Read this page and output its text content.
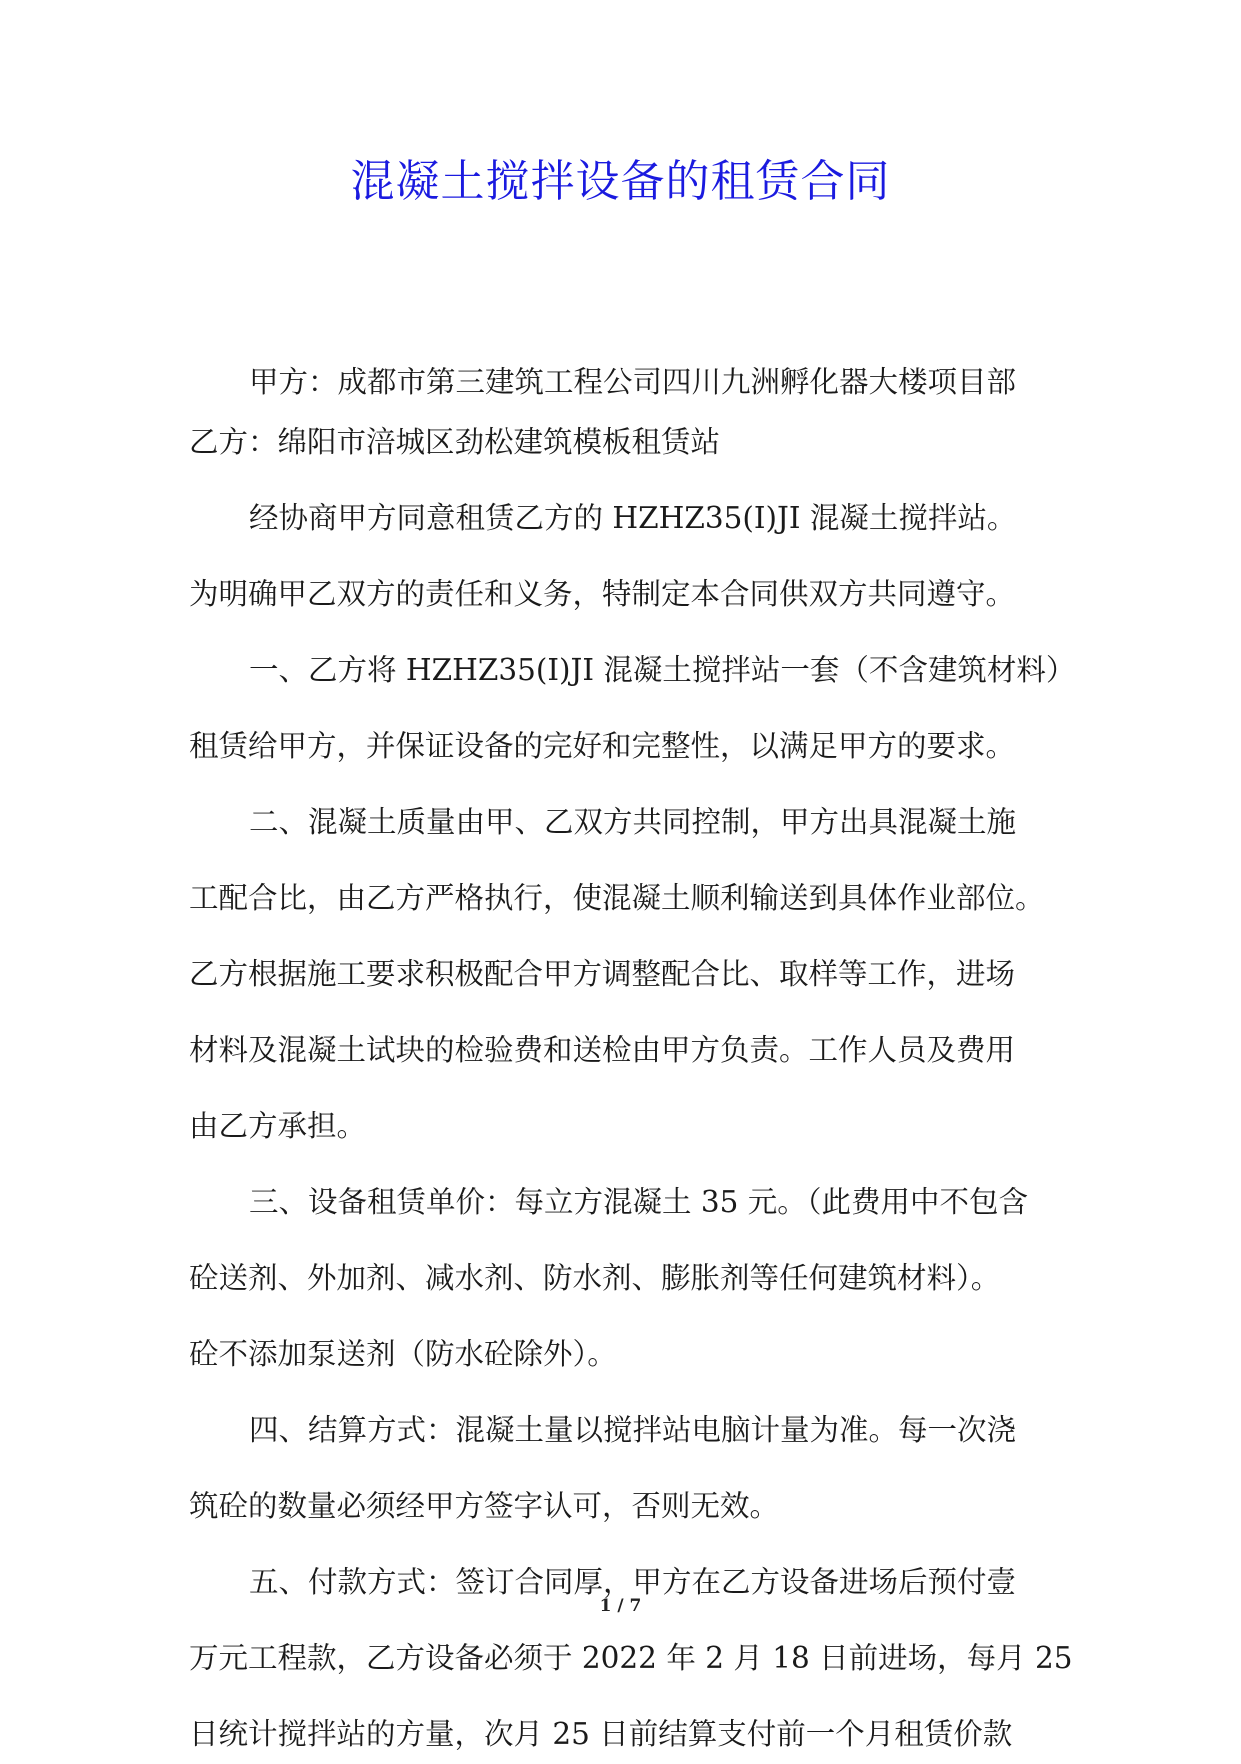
混凝土搅拌设备的租赁合同
甲方：成都市第三建筑工程公司四川九洲孵化器大楼项目部
乙方：绵阳市涪城区劲松建筑模板租赁站
经协商甲方同意租赁乙方的 HZHZ35(I)JI 混凝土搅拌站。
为明确甲乙双方的责任和义务，特制定本合同供双方共同遵守。
一、乙方将 HZHZ35(I)JI 混凝土搅拌站一套（不含建筑材料）
租赁给甲方，并保证设备的完好和完整性，以满足甲方的要求。
二、混凝土质量由甲、乙双方共同控制，甲方出具混凝土施
工配合比，由乙方严格执行，使混凝土顺利输送到具体作业部位。
乙方根据施工要求积极配合甲方调整配合比、取样等工作，进场
材料及混凝土试块的检验费和送检由甲方负责。工作人员及费用
由乙方承担。
三、设备租赁单价：每立方混凝土 35 元。（此费用中不包含
砼送剂、外加剂、减水剂、防水剂、膨胀剂等任何建筑材料）。
砼不添加泵送剂（防水砼除外）。
四、结算方式：混凝土量以搅拌站电脑计量为准。每一次浇
筑砼的数量必须经甲方签字认可，否则无效。
五、付款方式：签订合同厚，甲方在乙方设备进场后预付壹
万元工程款，乙方设备必须于 2022 年 2 月 18 日前进场，每月 25
日统计搅拌站的方量，次月 25 日前结算支付前一个月租赁价款
1 / 7
